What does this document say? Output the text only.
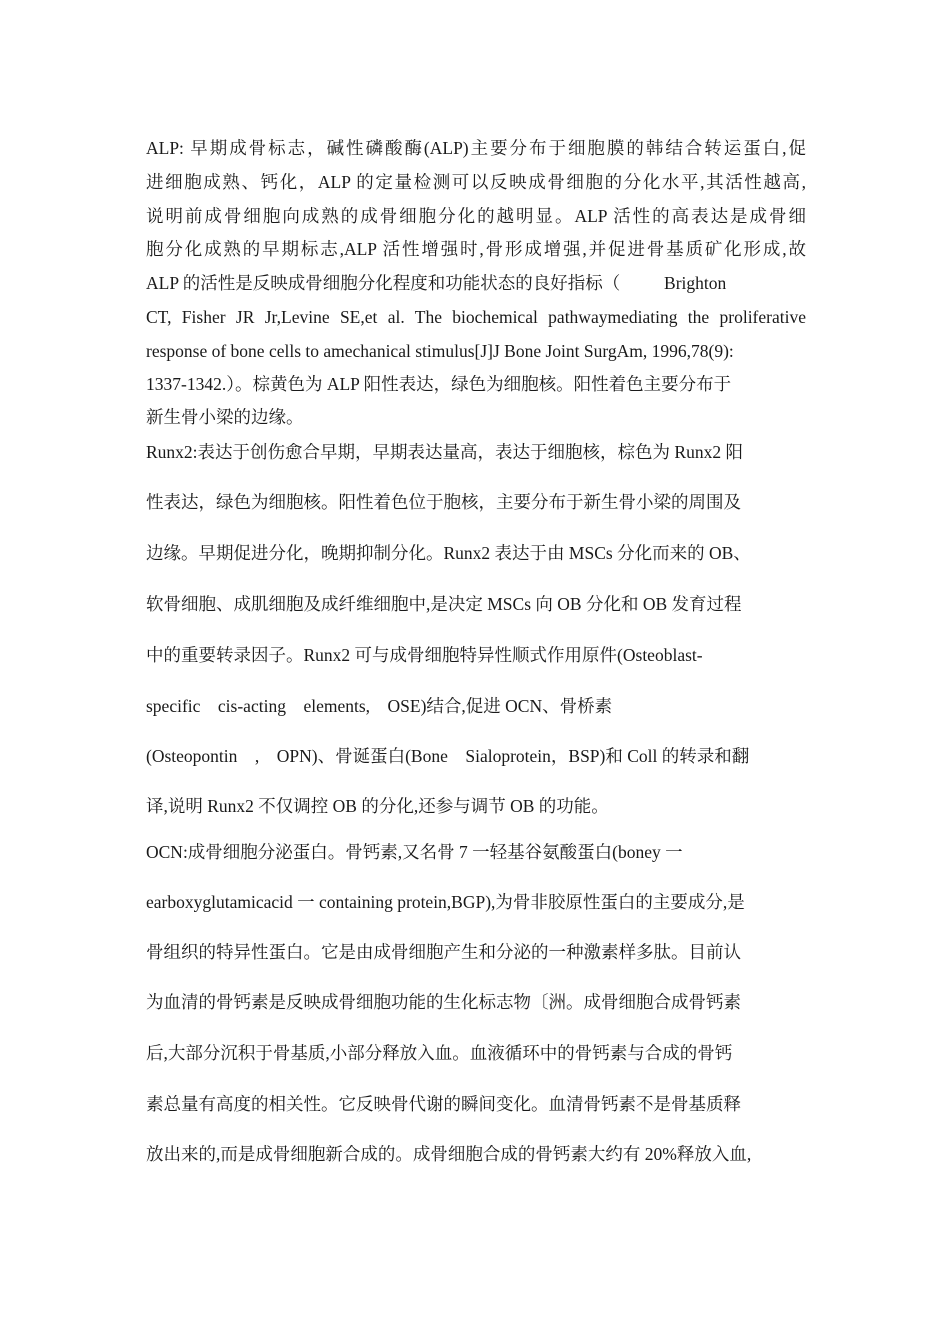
ALP: 早期成骨标志，碱性磷酸酶(ALP)主要分布于细胞膜的韩结合转运蛋白,促

进细胞成熟、钙化，ALP 的定量检测可以反映成骨细胞的分化水平,其活性越高,

说明前成骨细胞向成熟的成骨细胞分化的越明显。ALP 活性的高表达是成骨细

胞分化成熟的早期标志,ALP 活性增强时,骨形成增强,并促进骨基质矿化形成,故

ALP 的活性是反映成骨细胞分化程度和功能状态的良好指标（          Brighton

CT, Fisher JR Jr,Levine SE,et al. The biochemical pathwaymediating the proliferative

response of bone cells to amechanical stimulus[J]J Bone Joint SurgAm, 1996,78(9):

1337-1342.）。棕黄色为 ALP 阳性表达，绿色为细胞核。阳性着色主要分布于

新生骨小梁的边缘。

Runx2:表达于创伤愈合早期，早期表达量高，表达于细胞核，棕色为 Runx2 阳

性表达，绿色为细胞核。阳性着色位于胞核，主要分布于新生骨小梁的周围及

边缘。早期促进分化，晚期抑制分化。Runx2 表达于由 MSCs 分化而来的 OB、

软骨细胞、成肌细胞及成纤维细胞中,是决定 MSCs 向 OB 分化和 OB 发育过程

中的重要转录因子。Runx2 可与成骨细胞特异性顺式作用原件(Osteoblast-

specific    cis-acting    elements,    OSE)结合,促进 OCN、骨桥素

(Osteopontin    ,    OPN)、骨诞蛋白(Bone    Sialoprotein，BSP)和 Coll 的转录和翻

译,说明 Runx2 不仅调控 OB 的分化,还参与调节 OB 的功能。

OCN:成骨细胞分泌蛋白。骨钙素,又名骨 7 一轻基谷氨酸蛋白(boney 一

earboxyglutamicacid 一 containing protein,BGP),为骨非胶原性蛋白的主要成分,是

骨组织的特异性蛋白。它是由成骨细胞产生和分泌的一种激素样多肽。目前认

为血清的骨钙素是反映成骨细胞功能的生化标志物〔洲。成骨细胞合成骨钙素

后,大部分沉积于骨基质,小部分释放入血。血液循环中的骨钙素与合成的骨钙

素总量有高度的相关性。它反映骨代谢的瞬间变化。血清骨钙素不是骨基质释

放出来的,而是成骨细胞新合成的。成骨细胞合成的骨钙素大约有 20%释放入血,
